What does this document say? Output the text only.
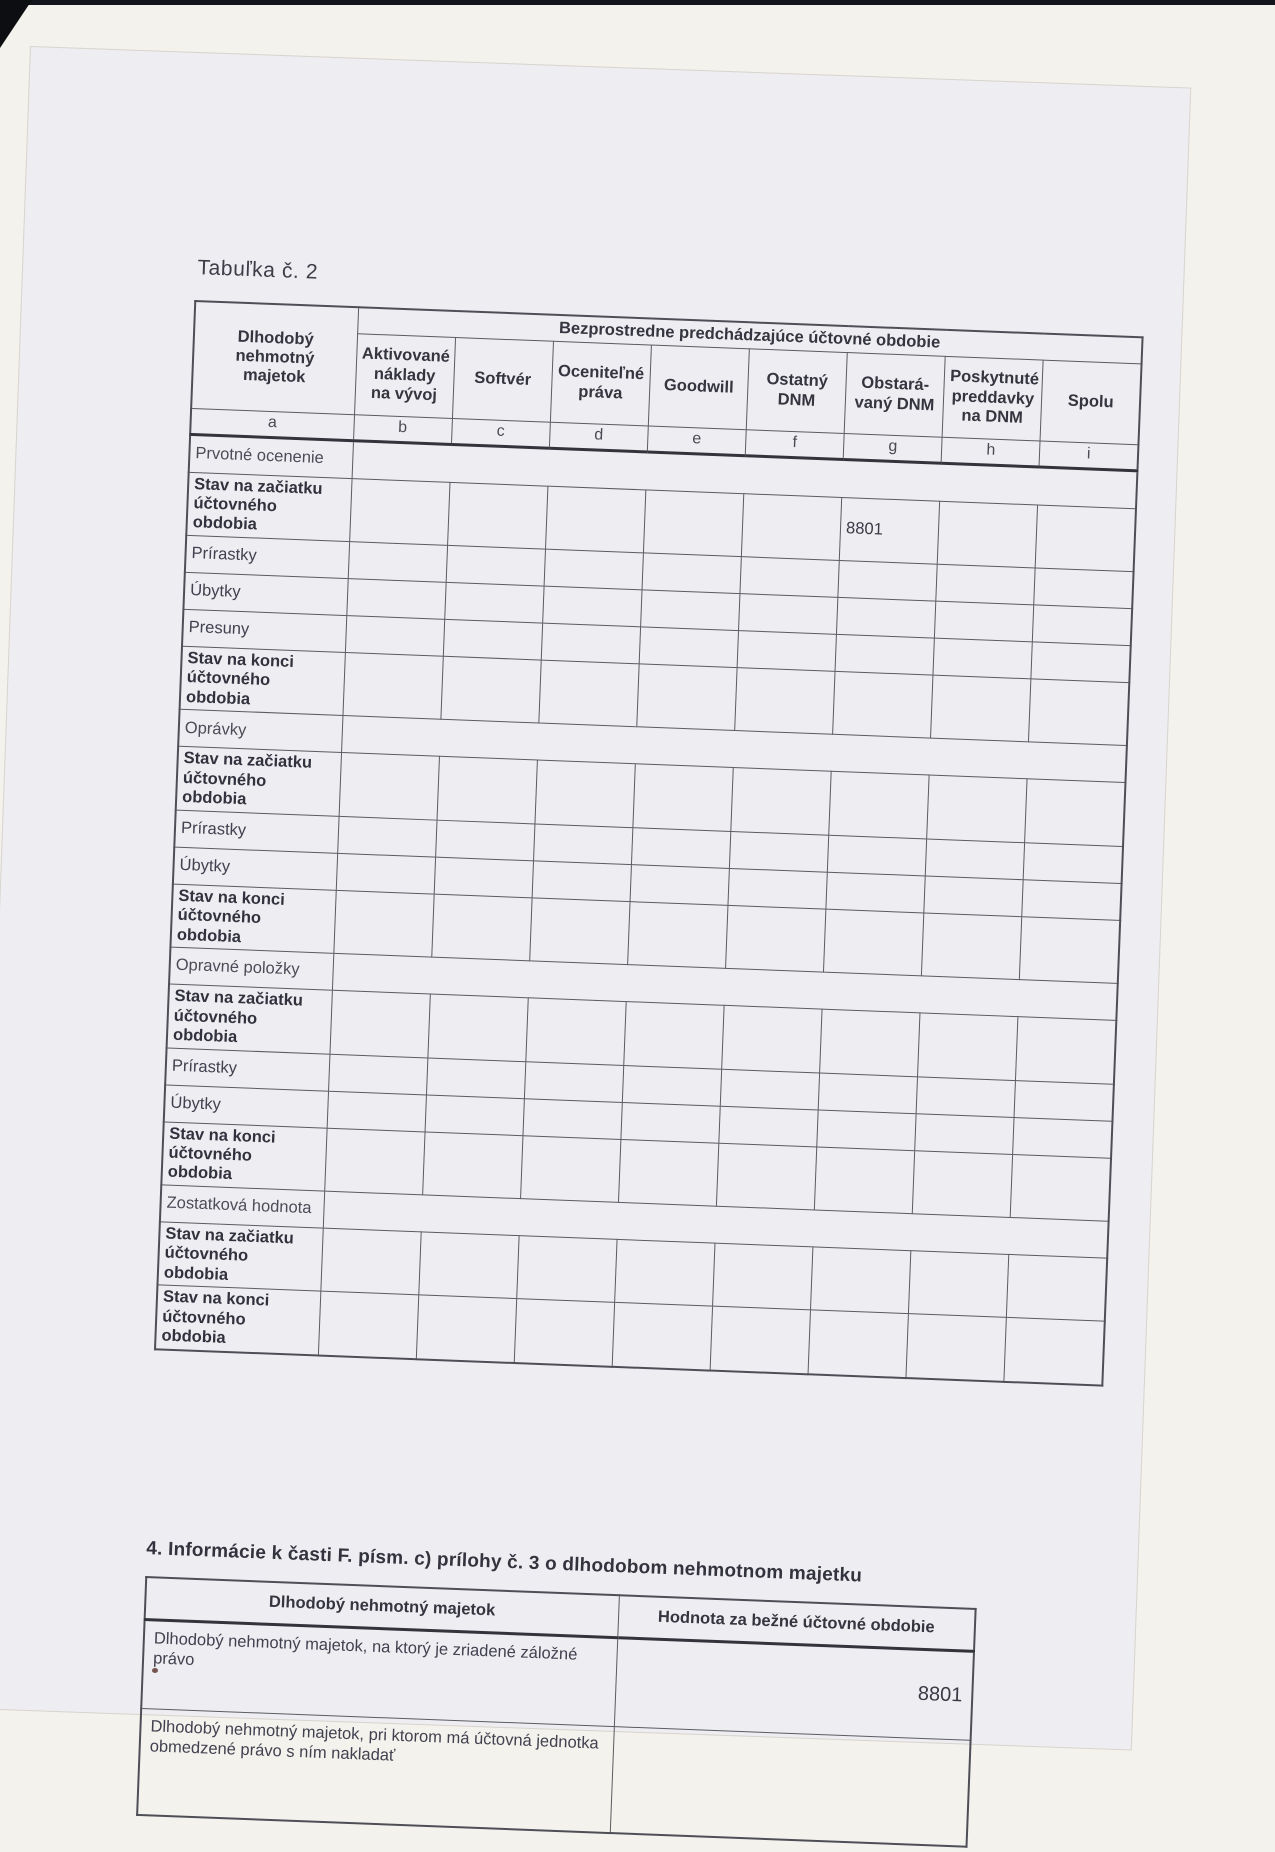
Tabuľka č. 2

Dlhodobý nehmotný
majetok	Bezprostredne predchádzajúce účtovné obdobie							
	Aktivované
náklady
na vývoj	Softvér	Oceniteľné
práva	Goodwill	Ostatný
DNM	Obstará-
vaný DNM	Poskytnuté
preddavky
na DNM	Spolu
a	b	c	d	e	f	g	h	i
Prvotné ocenenie								
Stav na začiatku účtovného obdobia						8801		
Prírastky								
Úbytky								
Presuny								
Stav na konci účtovného obdobia								
Oprávky								
Stav na začiatku účtovného obdobia								
Prírastky								
Úbytky								
Stav na konci účtovného obdobia								
Opravné položky								
Stav na začiatku účtovného obdobia								
Prírastky								
Úbytky								
Stav na konci účtovného obdobia								
Zostatková hodnota								
Stav na začiatku účtovného obdobia								
Stav na konci účtovného obdobia								
4. Informácie k časti F. písm. c) prílohy č. 3 o dlhodobom nehmotnom majetku
Dlhodobý nehmotný majetok	Hodnota za bežné účtovné obdobie
Dlhodobý nehmotný majetok, na ktorý je zriadené záložné právo	8801
Dlhodobý nehmotný majetok, pri ktorom má účtovná jednotka obmedzené právo s ním nakladať	
